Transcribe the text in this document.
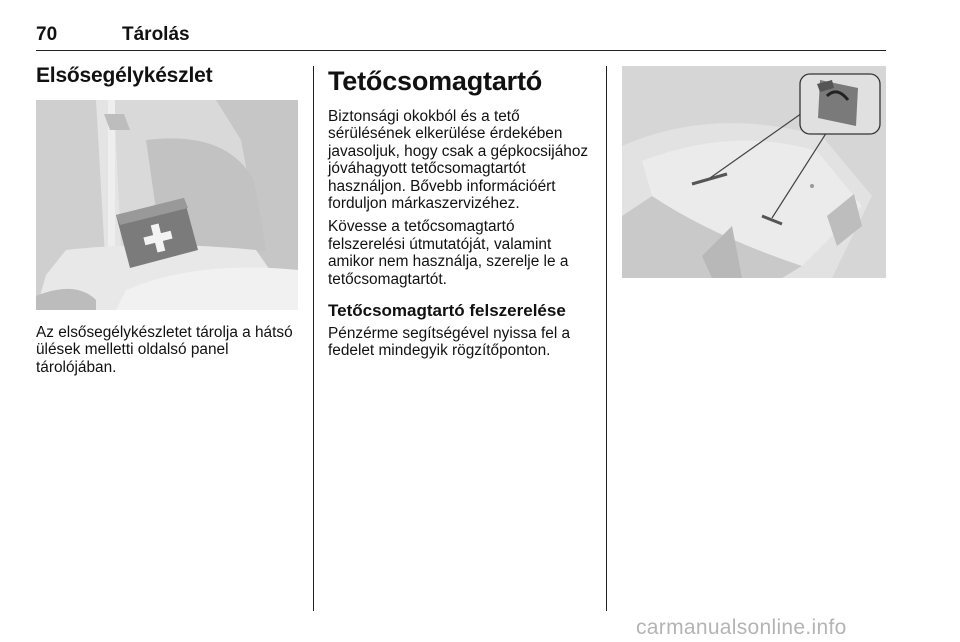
70	Tárolás
Elsősegélykészlet

Az elsősegélykészletet tárolja a hátsó ülések melletti oldalsó panel tárolójában.

Tetőcsomagtartó

Biztonsági okokból és a tető sérülésének elkerülése érdekében javasoljuk, hogy csak a gépkocsijához jóváhagyott tetőcsomagtartót használjon. Bővebb információért forduljon márkaszervizéhez.

Kövesse a tetőcsomagtartó felszerelési útmutatóját, valamint amikor nem használja, szerelje le a tetőcsomagtartót.

Tetőcsomagtartó felszerelése

Pénzérme segítségével nyissa fel a fedelet mindegyik rögzítőponton.

carmanualsonline.info
